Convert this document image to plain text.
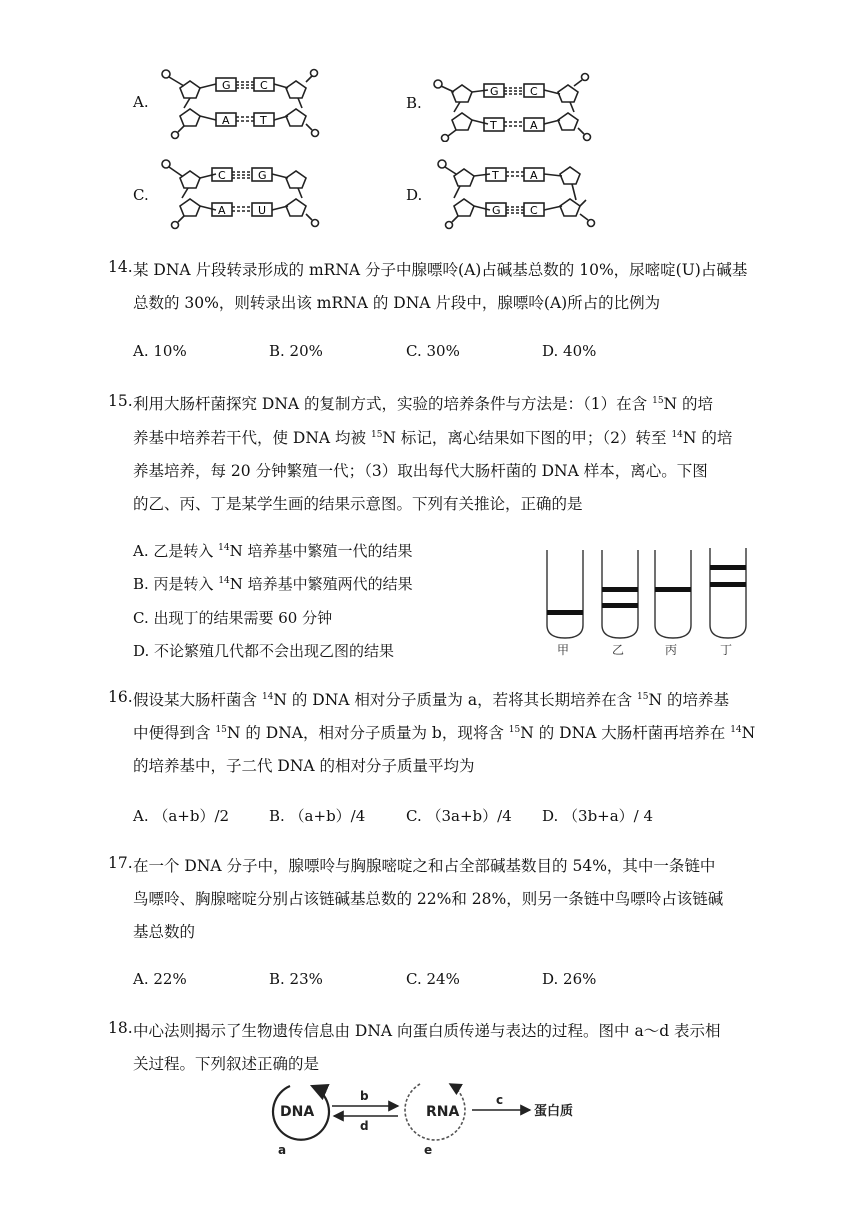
A.	B.
C.	D.
G	C
A	T
G	C
T	A
C	G
A	U
T	A
G	C
14. 某 DNA 片段转录形成的 mRNA 分子中腺嘌呤(A)占碱基总数的 10%，尿嘧啶(U)占碱基
总数的 30%，则转录出该 mRNA 的 DNA 片段中，腺嘌呤(A)所占的比例为
A. 10%	B. 20%	C. 30%	D. 40%
15. 利用大肠杆菌探究 DNA 的复制方式，实验的培养条件与方法是：（1）在含 $^{15}$N 的培
养基中培养若干代，使 DNA 均被 $^{15}$N 标记，离心结果如下图的甲；（2）转至 $^{14}$N 的培
养基培养，每 20 分钟繁殖一代；（3）取出每代大肠杆菌的 DNA 样本，离心。下图
的乙、丙、丁是某学生画的结果示意图。下列有关推论，正确的是
A. 乙是转入 $^{14}$N 培养基中繁殖一代的结果
B. 丙是转入 $^{14}$N 培养基中繁殖两代的结果
C. 出现丁的结果需要 60 分钟
D. 不论繁殖几代都不会出现乙图的结果	甲	乙	丙	丁
16. 假设某大肠杆菌含 $^{14}$N 的 DNA 相对分子质量为 a，若将其长期培养在含 $^{15}$N 的培养基
中便得到含 $^{15}$N 的 DNA，相对分子质量为 b，现将含 $^{15}$N 的 DNA 大肠杆菌再培养在 $^{14}$N
的培养基中，子二代 DNA 的相对分子质量平均为
A. （a+b）/2	B. （a+b）/4	C. （3a+b）/4 D. （3b+a）/ 4
17. 在一个 DNA 分子中，腺嘌呤与胸腺嘧啶之和占全部碱基数目的 54%，其中一条链中
鸟嘌呤、胸腺嘧啶分别占该链碱基总数的 22%和 28%，则另一条链中鸟嘌呤占该链碱
基总数的
A. 22%	B. 23%	C. 24%	D. 26%
18. 中心法则揭示了生物遗传信息由 DNA 向蛋白质传递与表达的过程。图中 a～d 表示相
关过程。下列叙述正确的是
DNA
a
b
d
RNA
e
c
蛋白质
